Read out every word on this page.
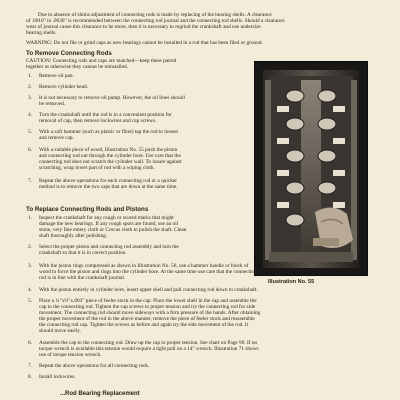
Due to absence of shims adjustment of connecting rods is made by replacing of the bearing shells. A clearance
of .0010" to .0030" is recommended between the connecting rod journal and the connecting rod shells. Should a clearance
wear of journal cause this clearance to be more, then it is necessary to regrind the crankshaft and use undersize
bearing shells.
WARNING: Do not file or grind caps as new bearings cannot be installed in a rod that has been filed or ground.
To Remove Connecting Rods
CAUTION: Connecting rods and caps are matched—keep these paired
together as otherwise they cannot be reinstalled.
1. Remove oil pan.
2. Remove cylinder head.
3. It is not necessary to remove oil pump. However, the oil lines should
be removed.
4. Turn the crankshaft until the rod is in a convenient position for
removal of cap, then remove lockwires and cap screws.
5. With a soft hammer (such as plastic or fibre) tap the rod to loosen
and remove cap.
6. With a suitable piece of wood, Illustration No. 55 push the piston
and connecting rod out through the cylinder bore. Use care that the
connecting rod does not scratch the cylinder wall. To insure against
scratching, wrap lower part of rod with a wiping cloth.
7. Repeat the above operations for each connecting rod or a quicker
method is to remove the two caps that are down at the same time.
Illustration No. 55
To Replace Connecting Rods and Pistons
1. Inspect the crankshaft for any rough or scored marks that might
damage the new bearings. If any rough spots are found, use an oil
stone, very fine emery cloth or Crocus cloth to polish the shaft. Clean
shaft thoroughly after polishing.
2. Select the proper piston and connecting rod assembly and turn the
crankshaft so that it is in correct position.
3. With the piston rings compressed as shown in Illustration No. 56, use a hammer handle or block of
wood to force the piston and rings into the cylinder bore. At the same time use care that the connecting
rod is in line with the crankshaft journal.
4. With the piston entirely in cylinder bore, insert upper shell and pull connecting rod down to crankshaft.
5. Place a ¼"x½"x.003" piece of feeler stock in the cap. Place the lower shell in the cap and assemble the
cap to the connecting rod. Tighten the cap screws to proper tension and try the connecting rod for side
movement. The connecting rod should move sideways with a firm pressure of the hands. After obtaining
the proper movement of the rod in the above manner, remove the piece of feeler stock and reassemble
the connecting rod cap. Tighten the screws as before and again try the side movement of the rod. It
should move easily.
6. Assemble the cap to the connecting rod. Draw up the cap to proper tension. See chart on Page 90. If no
torque wrench is available this tension would require a tight pull on a 14" wrench. Illustration 71 shows
use of torque tension wrench.
7. Repeat the above operations for all connecting rods.
8. Install lockwires.
...Rod Bearing Replacement
